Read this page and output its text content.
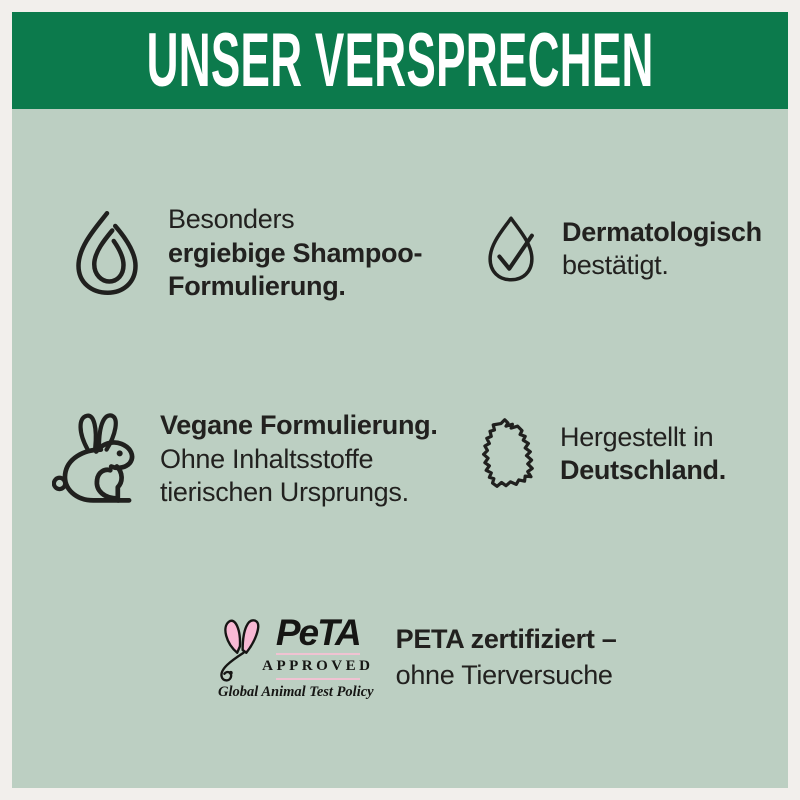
UNSER VERSPRECHEN
Besonders
ergiebige Shampoo-
Formulierung.
Dermatologisch
bestätigt.
Vegane Formulierung.
Ohne Inhaltsstoffe
tierischen Ursprungs.
Hergestellt in
Deutschland.
PeTA
APPROVED
Global Animal Test Policy
PETA zertifiziert –
ohne Tierversuche
